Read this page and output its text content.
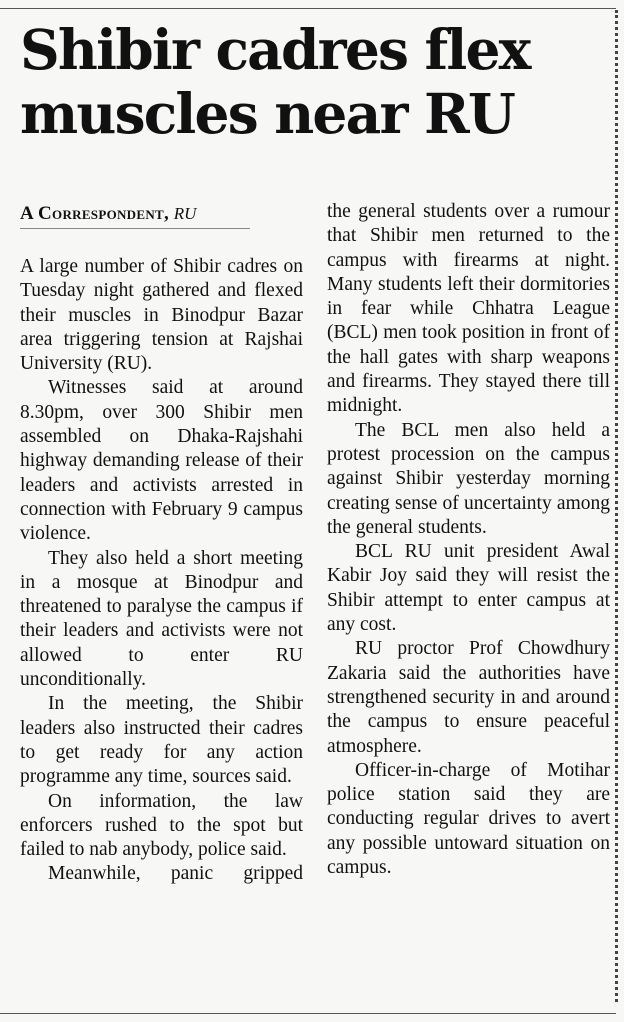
Shibir cadres flex
muscles near RU
A Correspondent, RU

A large number of Shibir cadres on Tuesday night gathered and flexed their muscles in Binodpur Bazar area triggering tension at Rajshai University (RU).

Witnesses said at around 8.30pm, over 300 Shibir men assembled on Dhaka-Rajshahi highway demanding release of their leaders and activists arrested in connection with February 9 campus violence.

They also held a short meeting in a mosque at Binodpur and threatened to paralyse the campus if their leaders and activists were not allowed to enter RU unconditionally.

In the meeting, the Shibir leaders also instructed their cadres to get ready for any action programme any time, sources said.

On information, the law enforcers rushed to the spot but failed to nab anybody, police said.

Meanwhile, panic gripped

the general students over a rumour that Shibir men returned to the campus with firearms at night. Many students left their dormitories in fear while Chhatra League (BCL) men took position in front of the hall gates with sharp weapons and firearms. They stayed there till midnight.

The BCL men also held a protest procession on the campus against Shibir yesterday morning creating sense of uncertainty among the general students.

BCL RU unit president Awal Kabir Joy said they will resist the Shibir attempt to enter campus at any cost.

RU proctor Prof Chowdhury Zakaria said the authorities have strengthened security in and around the campus to ensure peaceful atmosphere.

Officer-in-charge of Motihar police station said they are conducting regular drives to avert any possible untoward situation on campus.
